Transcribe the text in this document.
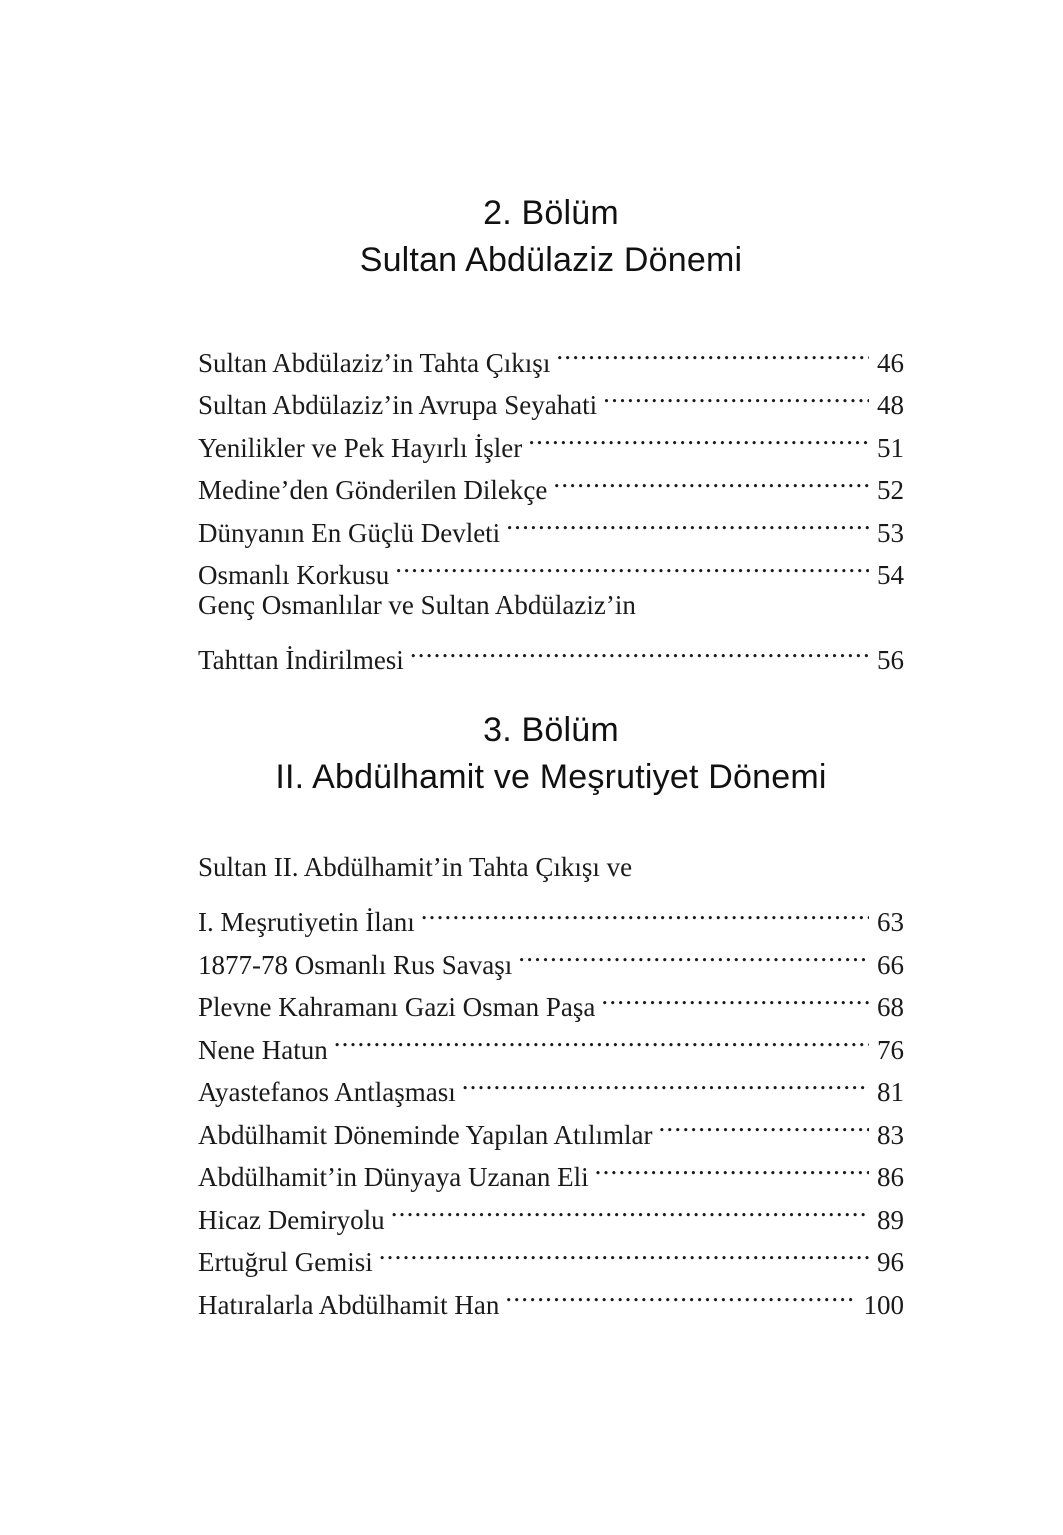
2. Bölüm
Sultan Abdülaziz Dönemi
Sultan Abdülaziz’in Tahta Çıkışı .....	46
Sultan Abdülaziz’in Avrupa Seyahati .....	48
Yenilikler ve Pek Hayırlı İşler .....	51
Medine’den Gönderilen Dilekçe .....	52
Dünyanın En Güçlü Devleti .....	53
Osmanlı Korkusu .....	54
Genç Osmanlılar ve Sultan Abdülaziz’in
Tahttan İndirilmesi .....	56
3. Bölüm
II. Abdülhamit ve Meşrutiyet Dönemi
Sultan II. Abdülhamit’in Tahta Çıkışı ve
I. Meşrutiyetin İlanı .....	63
1877-78 Osmanlı Rus Savaşı .....	66
Plevne Kahramanı Gazi Osman Paşa .....	68
Nene Hatun .....	76
Ayastefanos Antlaşması .....	81
Abdülhamit Döneminde Yapılan Atılımlar .....	83
Abdülhamit’in Dünyaya Uzanan Eli .....	86
Hicaz Demiryolu .....	89
Ertuğrul Gemisi .....	96
Hatıralarla Abdülhamit Han .....	100
